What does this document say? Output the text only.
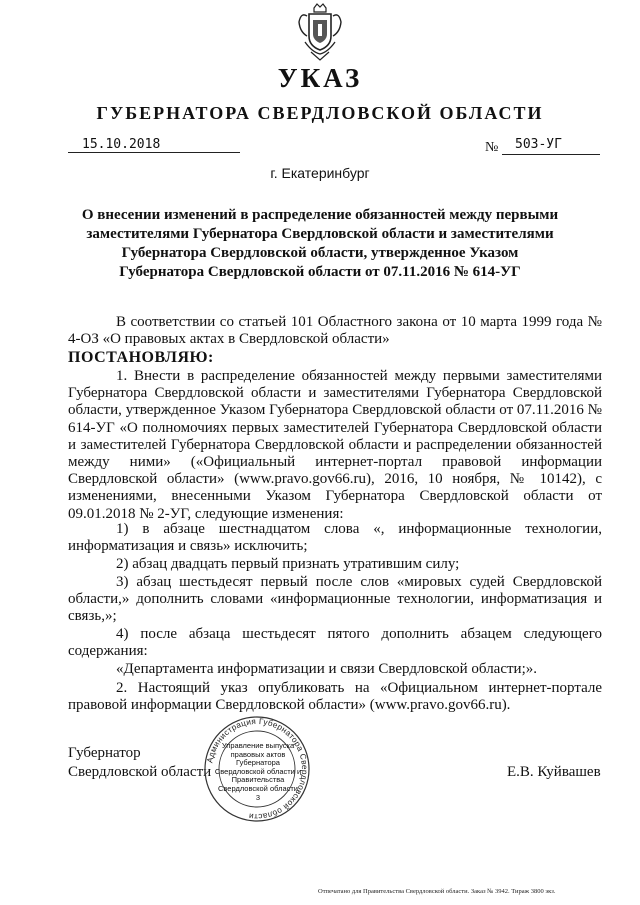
УКАЗ
ГУБЕРНАТОРА СВЕРДЛОВСКОЙ ОБЛАСТИ
15.10.2018	№ 503-УГ
г. Екатеринбург
О внесении изменений в распределение обязанностей между первыми заместителями Губернатора Свердловской области и заместителями Губернатора Свердловской области, утвержденное Указом Губернатора Свердловской области от 07.11.2016 № 614-УГ
В соответствии со статьей 101 Областного закона от 10 марта 1999 года № 4-ОЗ «О правовых актах в Свердловской области»
ПОСТАНОВЛЯЮ:
1. Внести в распределение обязанностей между первыми заместителями Губернатора Свердловской области и заместителями Губернатора Свердловской области, утвержденное Указом Губернатора Свердловской области от 07.11.2016 № 614-УГ «О полномочиях первых заместителей Губернатора Свердловской области и заместителей Губернатора Свердловской области и распределении обязанностей между ними» («Официальный интернет-портал правовой информации Свердловской области» (www.pravo.gov66.ru), 2016, 10 ноября, № 10142), с изменениями, внесенными Указом Губернатора Свердловской области от 09.01.2018 № 2-УГ, следующие изменения:
1) в абзаце шестнадцатом слова «, информационные технологии, информатизация и связь» исключить;
2) абзац двадцать первый признать утратившим силу;
3) абзац шестьдесят первый после слов «мировых судей Свердловской области,» дополнить словами «информационные технологии, информатизация и связь,»;
4) после абзаца шестьдесят пятого дополнить абзацем следующего содержания:
«Департамента информатизации и связи Свердловской области;».
2. Настоящий указ опубликовать на «Официальном интернет-портале правовой информации Свердловской области» (www.pravo.gov66.ru).
Губернатор
Свердловской области	Е.В. Куйвашев
Администрация Губернатора Свердловской области
Управление выпуска правовых актов Губернатора Свердловской области и Правительства Свердловской области
3
Отпечатано для Правительства Свердловской области. Заказ № 3942. Тираж 3800 экз.
